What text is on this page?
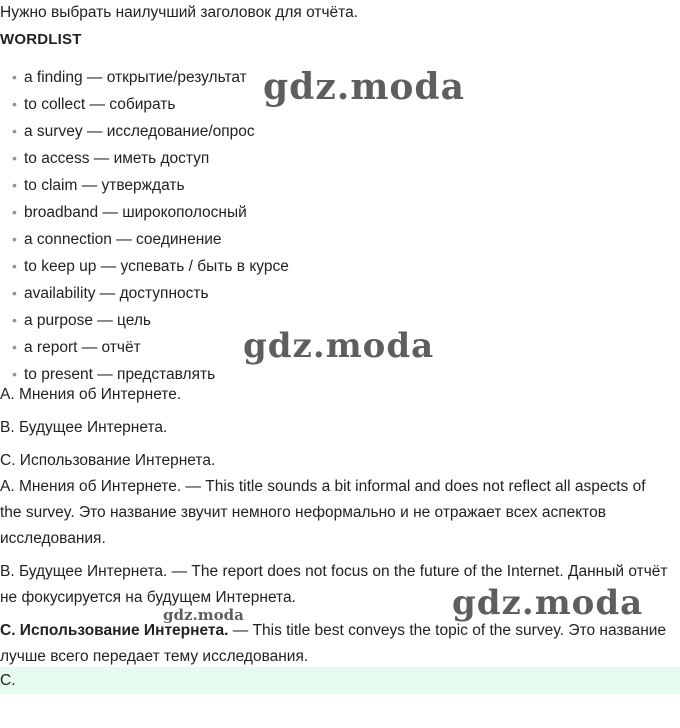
Нужно выбрать наилучший заголовок для отчёта.
WORDLIST
• a finding — открытие/результат
• to collect — собирать
• a survey — исследование/опрос
• to access — иметь доступ
• to claim — утверждать
• broadband — широкополосный
• a connection — соединение
• to keep up — успевать / быть в курсе
• availability — доступность
• a purpose — цель
• a report — отчёт
• to present — представлять
A. Мнения об Интернете.
B. Будущее Интернета.
C. Использование Интернета.
A. Мнения об Интернете. — This title sounds a bit informal and does not reflect all aspects of the survey. Это название звучит немного неформально и не отражает всех аспектов исследования.
B. Будущее Интернета. — The report does not focus on the future of the Internet. Данный отчёт не фокусируется на будущем Интернета.
C. Использование Интернета. — This title best conveys the topic of the survey. Это название лучше всего передает тему исследования.
C.
gdz.moda
gdz.moda
gdz.moda
gdz.moda
